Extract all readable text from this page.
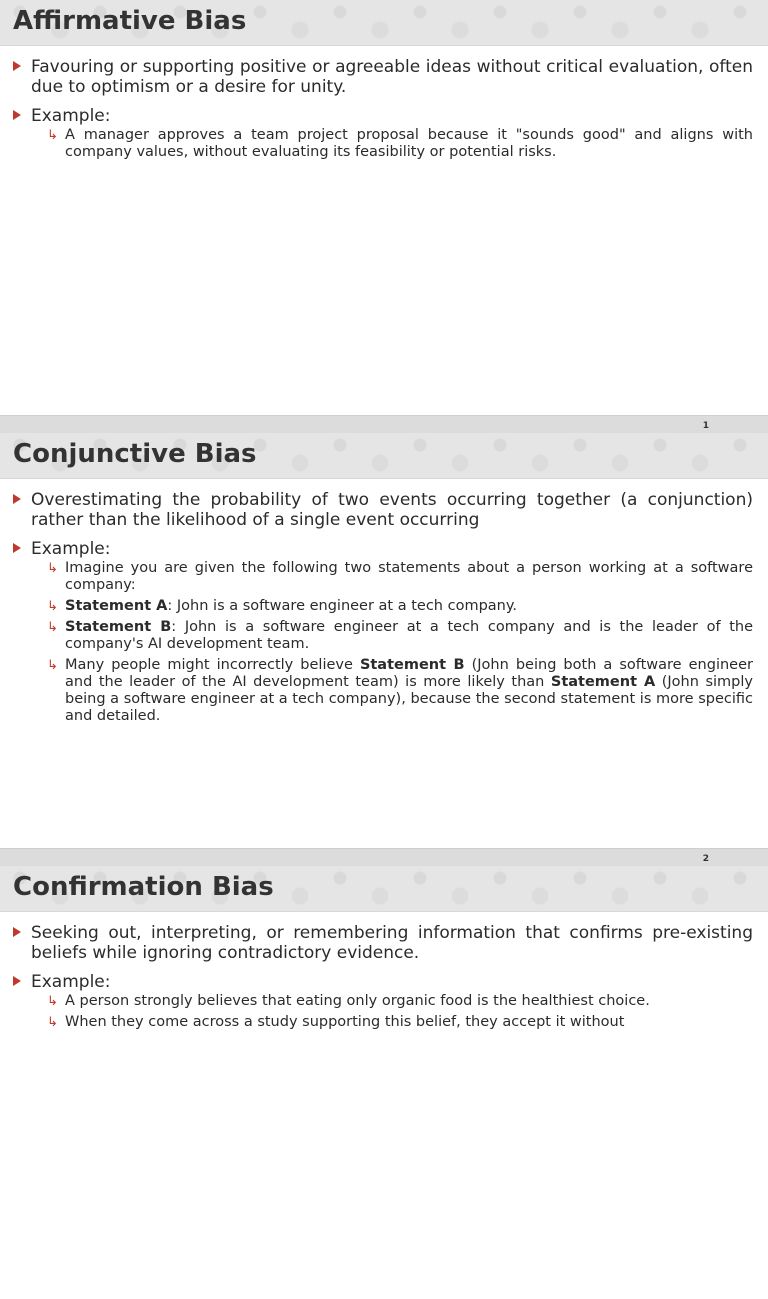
Affirmative Bias
Favouring or supporting positive or agreeable ideas without critical evaluation, often due to optimism or a desire for unity.
Example:
↳ A manager approves a team project proposal because it "sounds good" and aligns with company values, without evaluating its feasibility or potential risks.
1
Conjunctive Bias
Overestimating the probability of two events occurring together (a conjunction) rather than the likelihood of a single event occurring
Example:
↳ Imagine you are given the following two statements about a person working at a software company:
↳ Statement A: John is a software engineer at a tech company.
↳ Statement B: John is a software engineer at a tech company and is the leader of the company's AI development team.
↳ Many people might incorrectly believe Statement B (John being both a software engineer and the leader of the AI development team) is more likely than Statement A (John simply being a software engineer at a tech company), because the second statement is more specific and detailed.
2
Confirmation Bias
Seeking out, interpreting, or remembering information that confirms pre-existing beliefs while ignoring contradictory evidence.
Example:
↳ A person strongly believes that eating only organic food is the healthiest choice.
↳ When they come across a study supporting this belief, they accept it without
